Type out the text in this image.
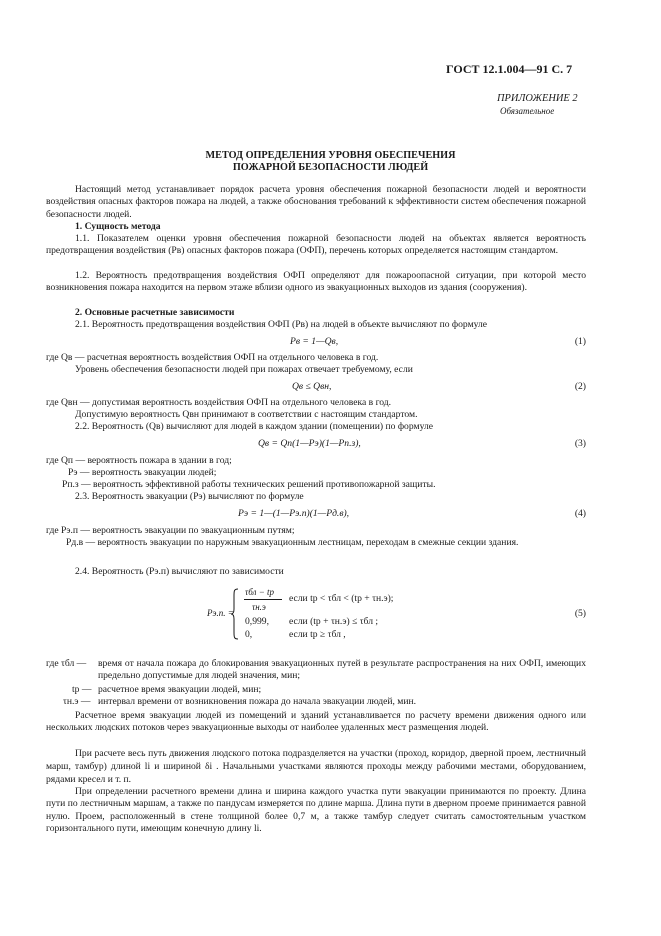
ГОСТ 12.1.004—91 С. 7
ПРИЛОЖЕНИЕ 2
Обязательное
МЕТОД ОПРЕДЕЛЕНИЯ УРОВНЯ ОБЕСПЕЧЕНИЯ
ПОЖАРНОЙ БЕЗОПАСНОСТИ ЛЮДЕЙ
Настоящий метод устанавливает порядок расчета уровня обеспечения пожарной безопасности людей и вероятности воздействия опасных факторов пожара на людей, а также обоснования требований к эффективности систем обеспечения пожарной безопасности людей.
1. Сущность метода
1.1. Показателем оценки уровня обеспечения пожарной безопасности людей на объектах является вероятность предотвращения воздействия (Pв) опасных факторов пожара (ОФП), перечень которых определяется настоящим стандартом.
1.2. Вероятность предотвращения воздействия ОФП определяют для пожароопасной ситуации, при которой место возникновения пожара находится на первом этаже вблизи одного из эвакуационных выходов из здания (сооружения).
2. Основные расчетные зависимости
2.1. Вероятность предотвращения воздействия ОФП (Pв) на людей в объекте вычисляют по формуле
Pв = 1—Qв,	(1)
где Qв — расчетная вероятность воздействия ОФП на отдельного человека в год.
Уровень обеспечения безопасности людей при пожарах отвечает требуемому, если
Qв ≤ Qвн,	(2)
где Qвн — допустимая вероятность воздействия ОФП на отдельного человека в год.
Допустимую вероятность Qвн принимают в соответствии с настоящим стандартом.
2.2. Вероятность (Qв) вычисляют для людей в каждом здании (помещении) по формуле
Qв = Qп(1—Pэ)(1—Pп.з),	(3)
где Qп — вероятность пожара в здании в год;
Pэ — вероятность эвакуации людей;
Pп.з — вероятность эффективной работы технических решений противопожарной защиты.
2.3. Вероятность эвакуации (Pэ) вычисляют по формуле
Pэ = 1—(1—Pэ.п)(1—Pд.в),	(4)
где Pэ.п — вероятность эвакуации по эвакуационным путям;
Pд.в — вероятность эвакуации по наружным эвакуационным лестницам, переходам в смежные секции здания.
2.4. Вероятность (Pэ.п) вычисляют по зависимости
Pэ.п. =
τбл − tр
τн.э
если tр < τбл < (tр + τн.э);
0,999, если (tр + τн.э) ≤ τбл ;
0,	если tр ≥ τбл ,
(5)
где τбл — время от начала пожара до блокирования эвакуационных путей в результате распространения на них ОФП, имеющих предельно допустимые для людей значения, мин;
tр — расчетное время эвакуации людей, мин;
τн.э — интервал времени от возникновения пожара до начала эвакуации людей, мин.
Расчетное время эвакуации людей из помещений и зданий устанавливается по расчету времени движения одного или нескольких людских потоков через эвакуационные выходы от наиболее удаленных мест размещения людей.
При расчете весь путь движения людского потока подразделяется на участки (проход, коридор, дверной проем, лестничный марш, тамбур) длиной li и шириной δi . Начальными участками являются проходы между рабочими местами, оборудованием, рядами кресел и т. п.
При определении расчетного времени длина и ширина каждого участка пути эвакуации принимаются по проекту. Длина пути по лестничным маршам, а также по пандусам измеряется по длине марша. Длина пути в дверном проеме принимается равной нулю. Проем, расположенный в стене толщиной более 0,7 м, а также тамбур следует считать самостоятельным участком горизонтального пути, имеющим конечную длину li.
